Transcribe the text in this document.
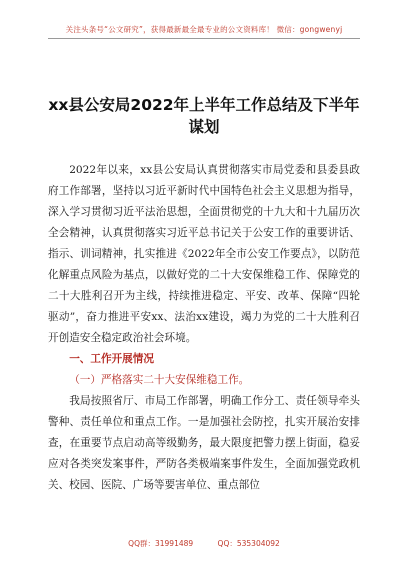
关注头条号“公文研究”，获得最新最全最专业的公文资料库！ 微信：gongwenyj
xx县公安局2022年上半年工作总结及下半年谋划

2022年以来，xx县公安局认真贯彻落实市局党委和县委县政府工作部署，坚持以习近平新时代中国特色社会主义思想为指导，深入学习贯彻习近平法治思想，全面贯彻党的十九大和十九届历次全会精神，认真贯彻落实习近平总书记关于公安工作的重要讲话、指示、训词精神，扎实推进《2022年全市公安工作要点》，以防范化解重点风险为基点，以做好党的二十大安保维稳工作、保障党的二十大胜利召开为主线，持续推进稳定、平安、改革、保障“四轮驱动”，奋力推进平安xx、法治xx建设，竭力为党的二十大胜利召开创造安全稳定政治社会环境。

一、工作开展情况

（一）严格落实二十大安保维稳工作。

我局按照省厅、市局工作部署，明确工作分工、责任领导牵头警种、责任单位和重点工作。一是加强社会防控，扎实开展治安排查，在重要节点启动高等级勤务，最大限度把警力摆上街面，稳妥应对各类突发案事件，严防各类极端案事件发生，全面加强党政机关、校园、医院、广场等要害单位、重点部位

QQ群：31991489	QQ：535304092
